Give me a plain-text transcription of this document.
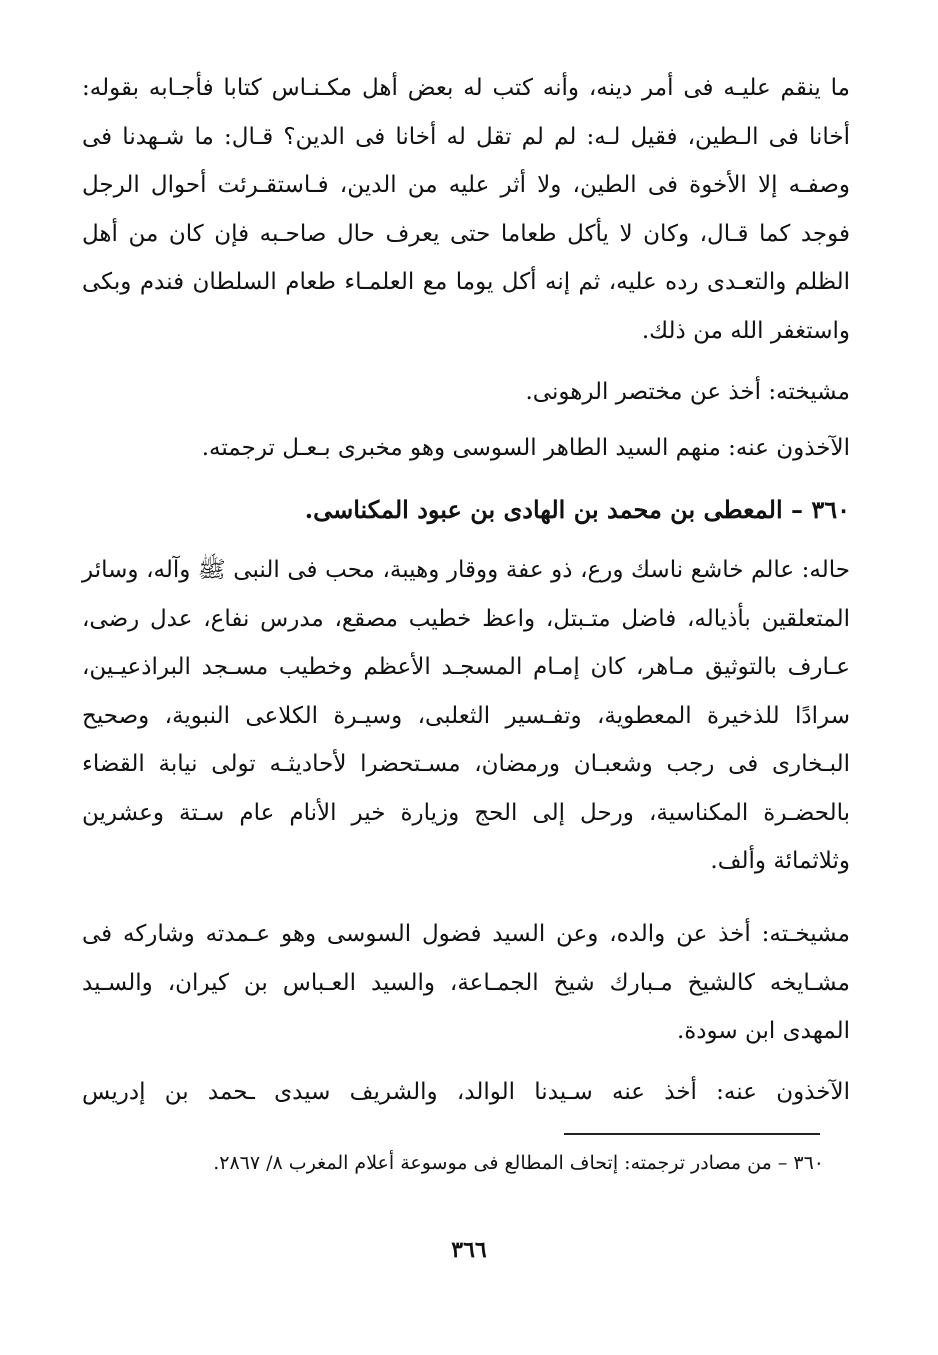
ما ينقم عليـه فى أمر دينه، وأنه كتب له بعض أهل مكـنـاس كتابا فأجـابه بقوله: أخانا فى الـطين، فقيل لـه: لم لم تقل له أخانا فى الدين؟ قـال: ما شـهدنا فى وصفـه إلا الأخوة فى الطين، ولا أثر عليه من الدين، فـاستقـرئت أحوال الرجل فوجد كما قـال، وكان لا يأكل طعاما حتى يعرف حال صاحـبه فإن كان من أهل الظلم والتعـدى رده عليه، ثم إنه أكل يوما مع العلمـاء طعام السلطان فندم وبكى واستغفر الله من ذلك.

مشيخته: أخذ عن مختصر الرهونى.

الآخذون عنه: منهم السيد الطاهر السوسى وهو مخبرى بـعـل ترجمته.

٣٦٠ – المعطى بن محمد بن الهادى بن عبود المكناسى.

حاله: عالم خاشع ناسك ورع، ذو عفة ووقار وهيبة، محب فى النبى ﷺ وآله، وسائر المتعلقين بأذياله، فاضل متـبتل، واعظ خطيب مصقع، مدرس نفاع، عدل رضى، عـارف بالتوثيق مـاهر، كان إمـام المسجـد الأعظم وخطيب مسـجد البراذعيـين، سرادًا للذخيرة المعطوية، وتفـسير الثعلبى، وسيـرة الكلاعى النبوية، وصحيح البـخارى فى رجب وشعبـان ورمضان، مسـتحضرا لأحاديثـه تولى نيابة القضاء بالحضـرة المكناسية، ورحل إلى الحج وزيارة خير الأنام عام سـتة وعشرين وثلاثمائة وألف.

مشيخـته: أخذ عن والده، وعن السيد فضول السوسى وهو عـمدته وشاركه فى مشـايخه كالشيخ مـبارك شيخ الجمـاعة، والسيد العـباس بن كيران، والسـيد المهدى ابن سودة.

الآخذون عنه: أخذ عنه سـيدنا الوالد، والشريف سيدى ـحمد بن إدريس

٣٦٠ – من مصادر ترجمته: إتحاف المطالع فى موسوعة أعلام المغرب ٨/ ٢٨٦٧.
٣٦٦
